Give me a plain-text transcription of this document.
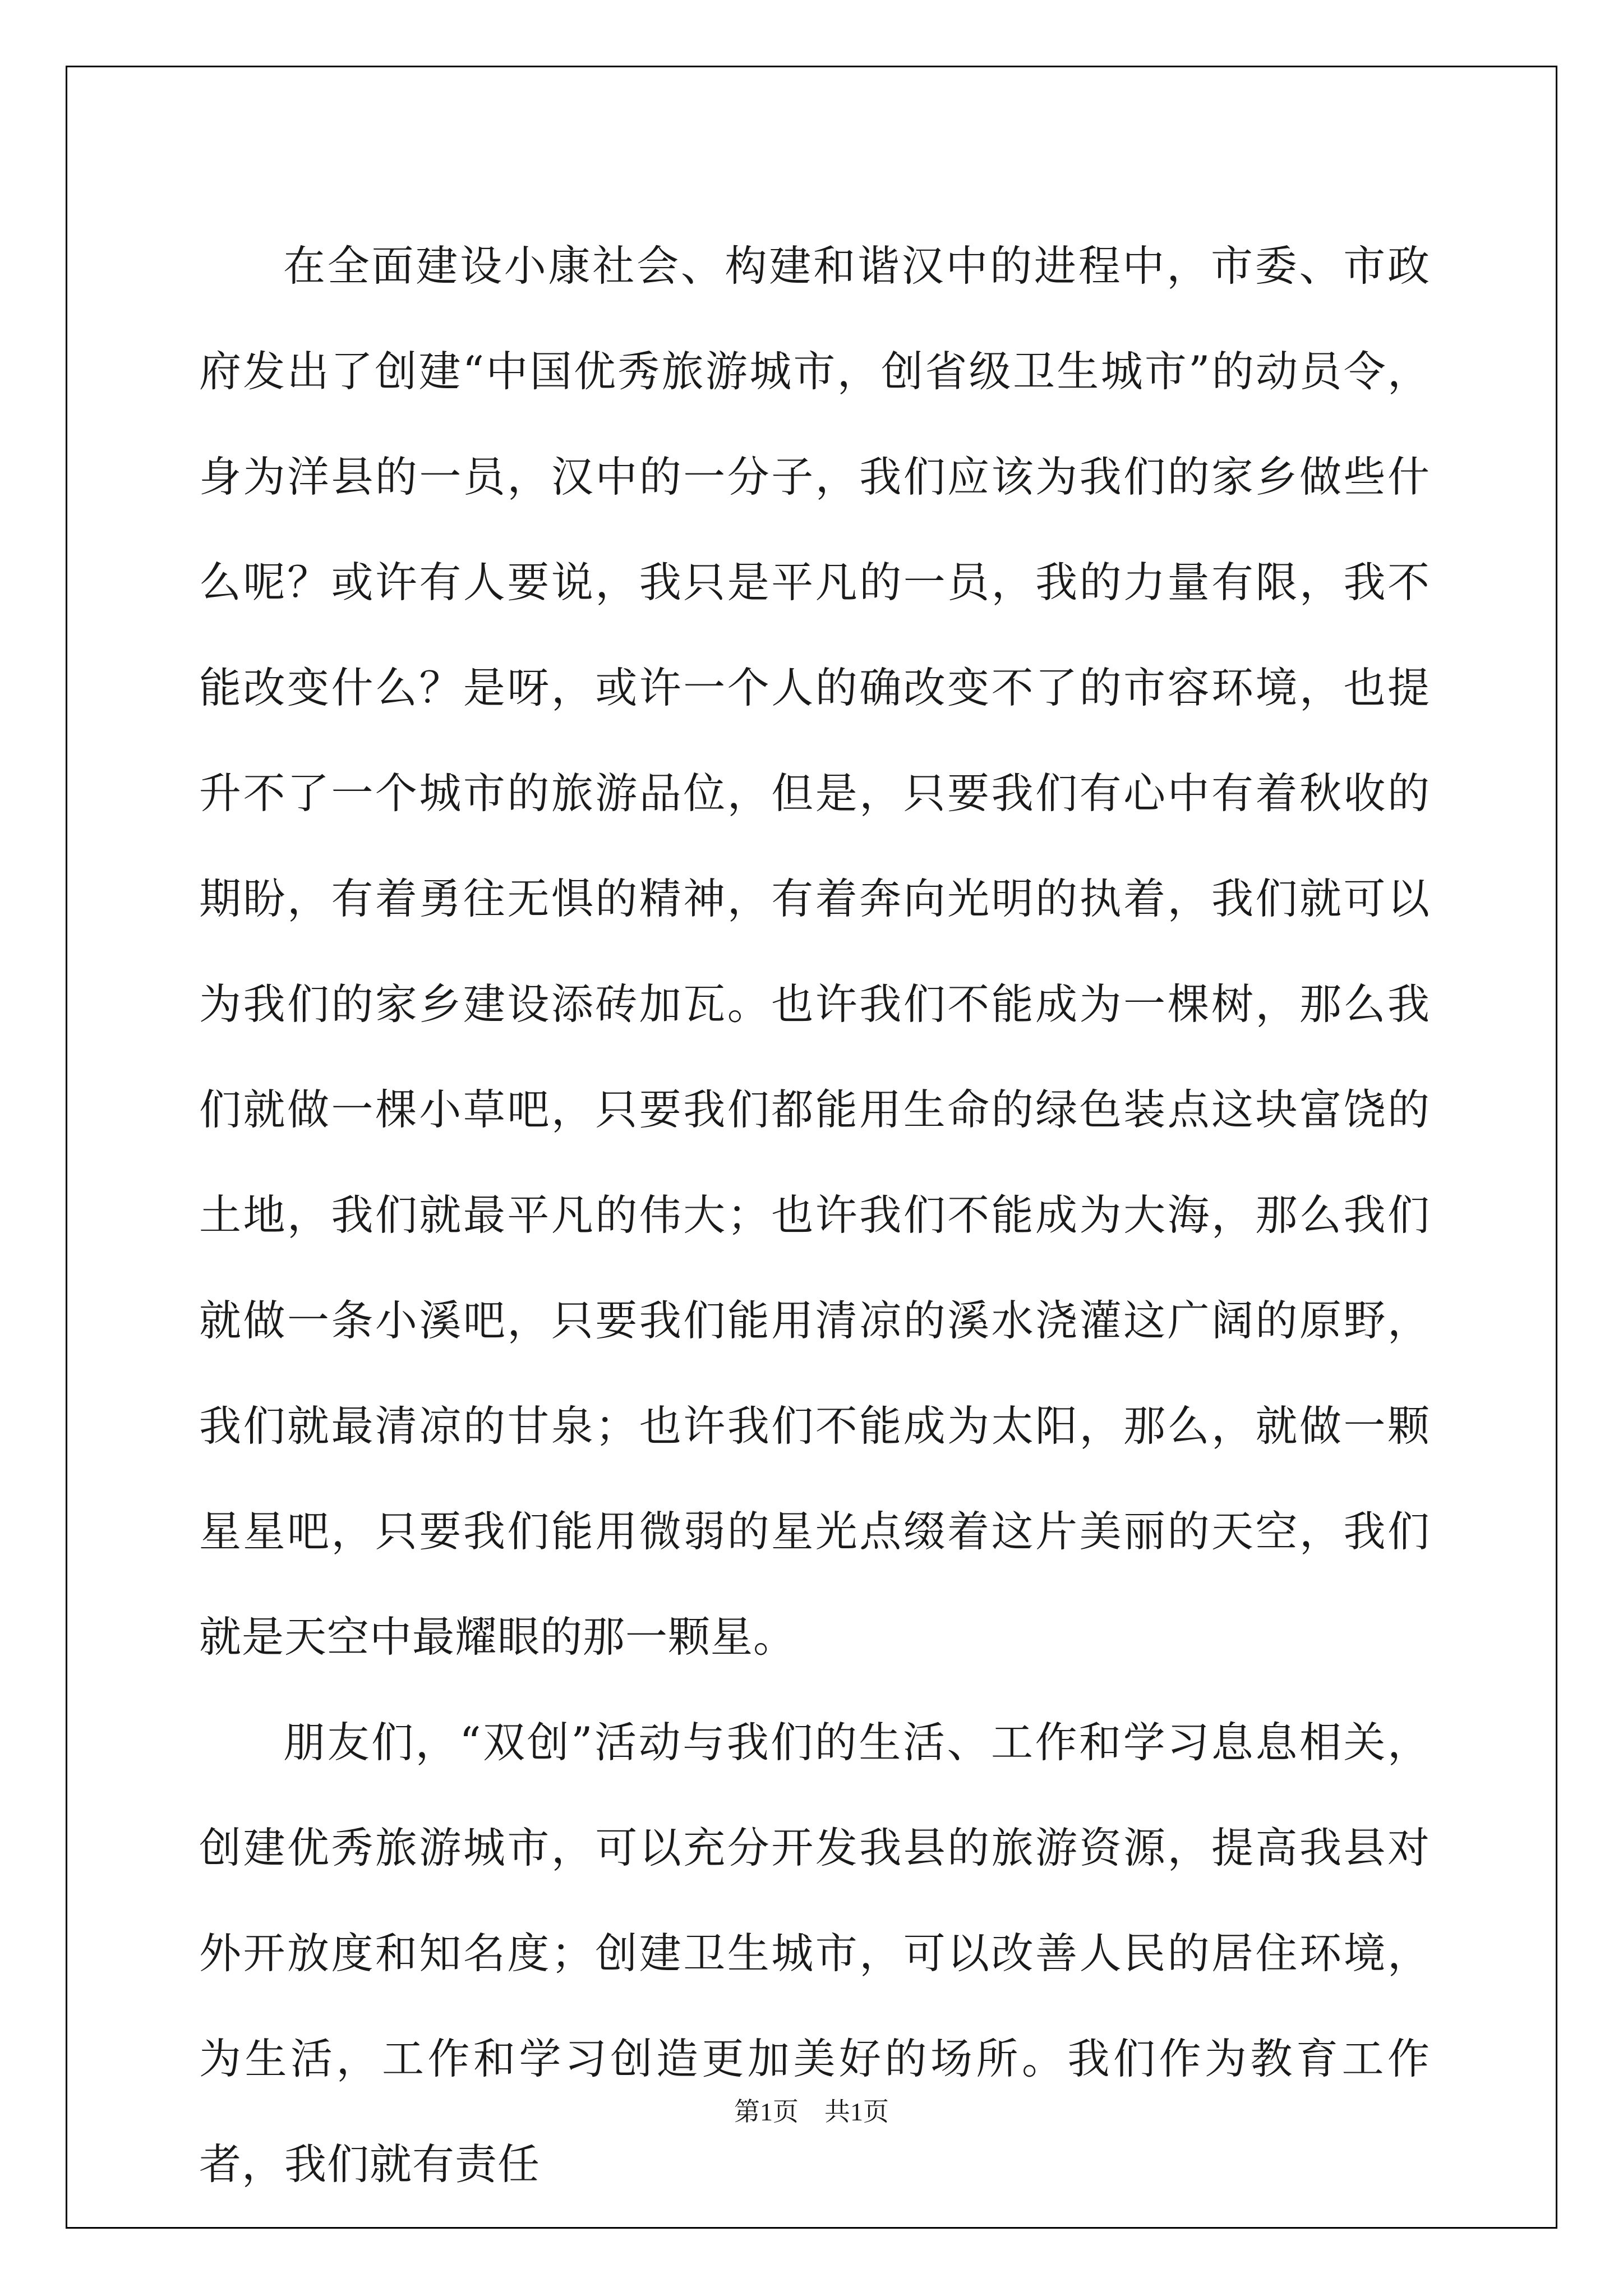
在全面建设小康社会、构建和谐汉中的进程中，市委、市政府发出了创建“中国优秀旅游城市，创省级卫生城市”的动员令，身为洋县的一员，汉中的一分子，我们应该为我们的家乡做些什么呢？或许有人要说，我只是平凡的一员，我的力量有限，我不能改变什么？是呀，或许一个人的确改变不了的市容环境，也提升不了一个城市的旅游品位，但是，只要我们有心中有着秋收的期盼，有着勇往无惧的精神，有着奔向光明的执着，我们就可以为我们的家乡建设添砖加瓦。也许我们不能成为一棵树，那么我们就做一棵小草吧，只要我们都能用生命的绿色装点这块富饶的土地，我们就最平凡的伟大；也许我们不能成为大海，那么我们就做一条小溪吧，只要我们能用清凉的溪水浇灌这广阔的原野，我们就最清凉的甘泉；也许我们不能成为太阳，那么，就做一颗星星吧，只要我们能用微弱的星光点缀着这片美丽的天空，我们就是天空中最耀眼的那一颗星。

朋友们，“双创”活动与我们的生活、工作和学习息息相关，创建优秀旅游城市，可以充分开发我县的旅游资源，提高我县对外开放度和知名度；创建卫生城市，可以改善人民的居住环境，为生活，工作和学习创造更加美好的场所。我们作为教育工作者，我们就有责任

第1页　共1页
